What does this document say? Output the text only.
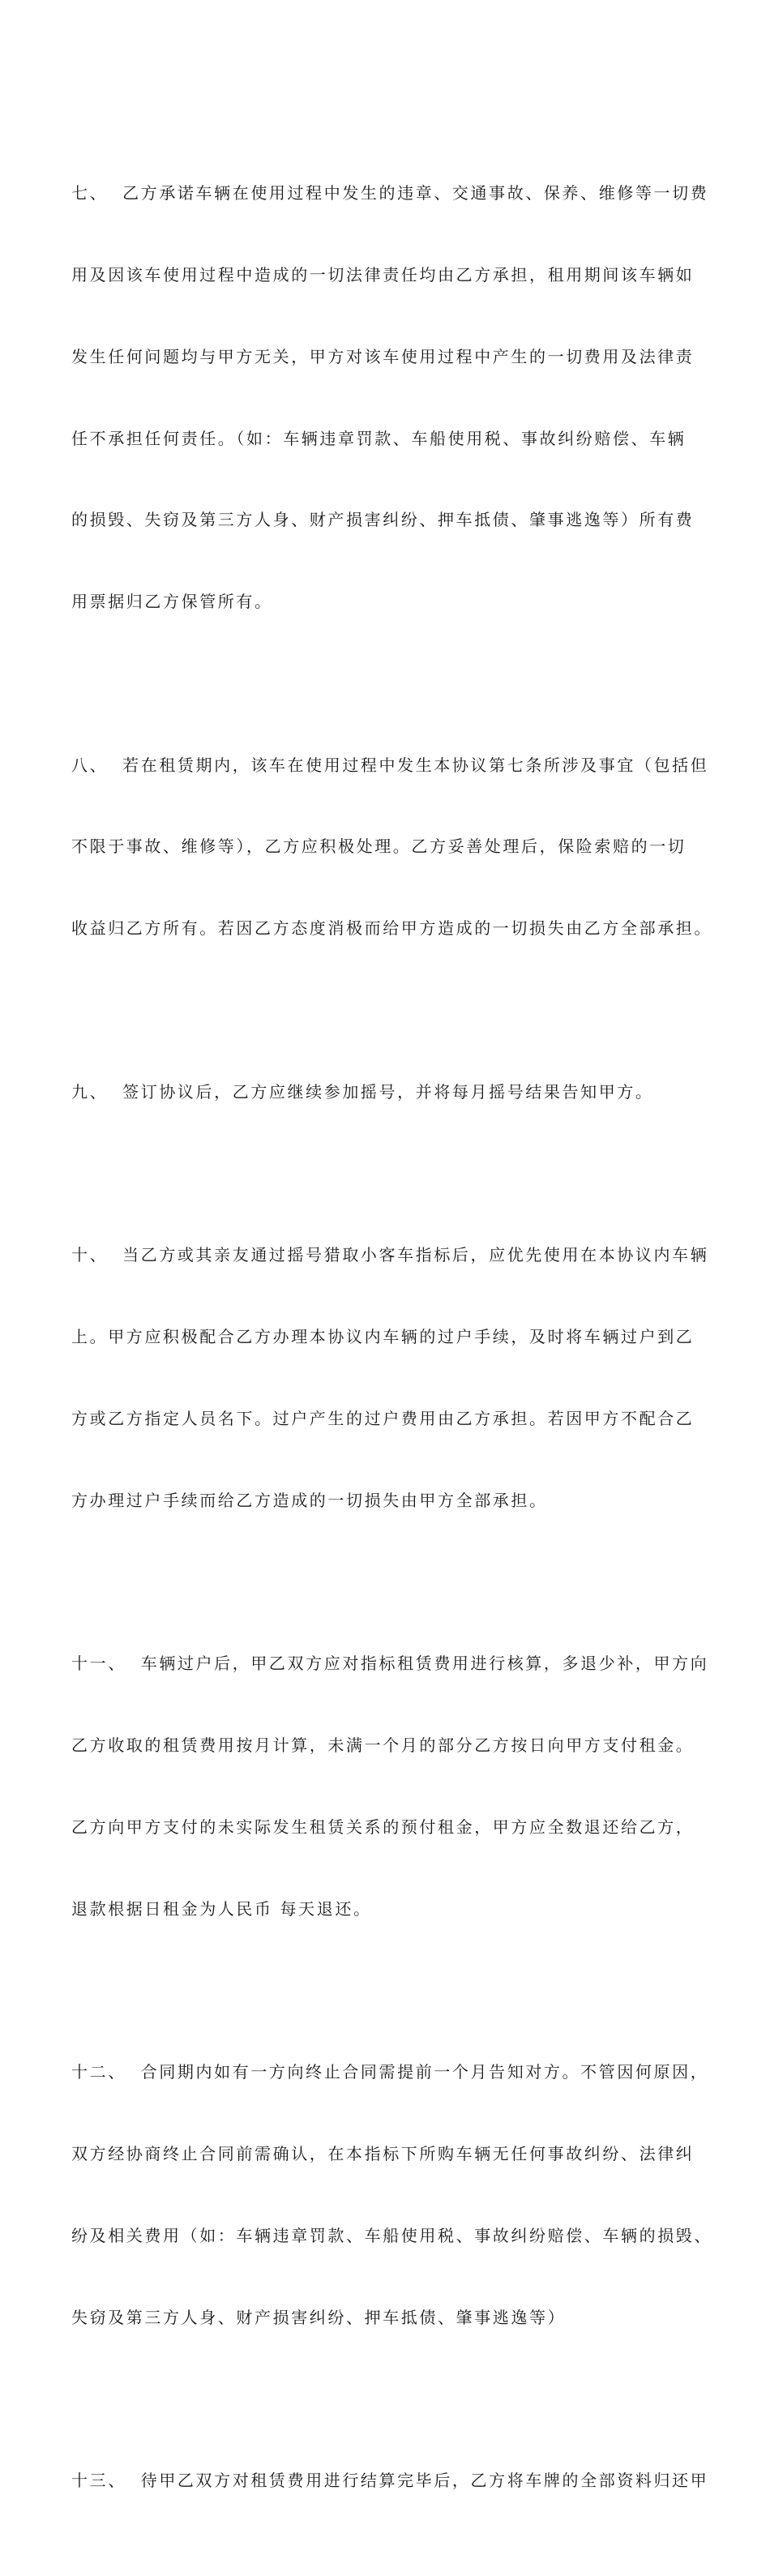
七、  乙方承诺车辆在使用过程中发生的违章、交通事故、保养、维修等一切费

用及因该车使用过程中造成的一切法律责任均由乙方承担，租用期间该车辆如

发生任何问题均与甲方无关，甲方对该车使用过程中产生的一切费用及法律责

任不承担任何责任。（如：车辆违章罚款、车船使用税、事故纠纷赔偿、车辆

的损毁、失窃及第三方人身、财产损害纠纷、押车抵债、肇事逃逸等）所有费

用票据归乙方保管所有。

八、  若在租赁期内，该车在使用过程中发生本协议第七条所涉及事宜（包括但

不限于事故、维修等），乙方应积极处理。乙方妥善处理后，保险索赔的一切

收益归乙方所有。若因乙方态度消极而给甲方造成的一切损失由乙方全部承担。

九、  签订协议后，乙方应继续参加摇号，并将每月摇号结果告知甲方。

十、  当乙方或其亲友通过摇号猎取小客车指标后，应优先使用在本协议内车辆

上。甲方应积极配合乙方办理本协议内车辆的过户手续，及时将车辆过户到乙

方或乙方指定人员名下。过户产生的过户费用由乙方承担。若因甲方不配合乙

方办理过户手续而给乙方造成的一切损失由甲方全部承担。

十一、  车辆过户后，甲乙双方应对指标租赁费用进行核算，多退少补，甲方向

乙方收取的租赁费用按月计算，未满一个月的部分乙方按日向甲方支付租金。

乙方向甲方支付的未实际发生租赁关系的预付租金，甲方应全数退还给乙方，

退款根据日租金为人民币 每天退还。

十二、  合同期内如有一方向终止合同需提前一个月告知对方。不管因何原因，

双方经协商终止合同前需确认，在本指标下所购车辆无任何事故纠纷、法律纠

纷及相关费用（如：车辆违章罚款、车船使用税、事故纠纷赔偿、车辆的损毁、

失窃及第三方人身、财产损害纠纷、押车抵债、肇事逃逸等）

十三、  待甲乙双方对租赁费用进行结算完毕后，乙方将车牌的全部资料归还甲
